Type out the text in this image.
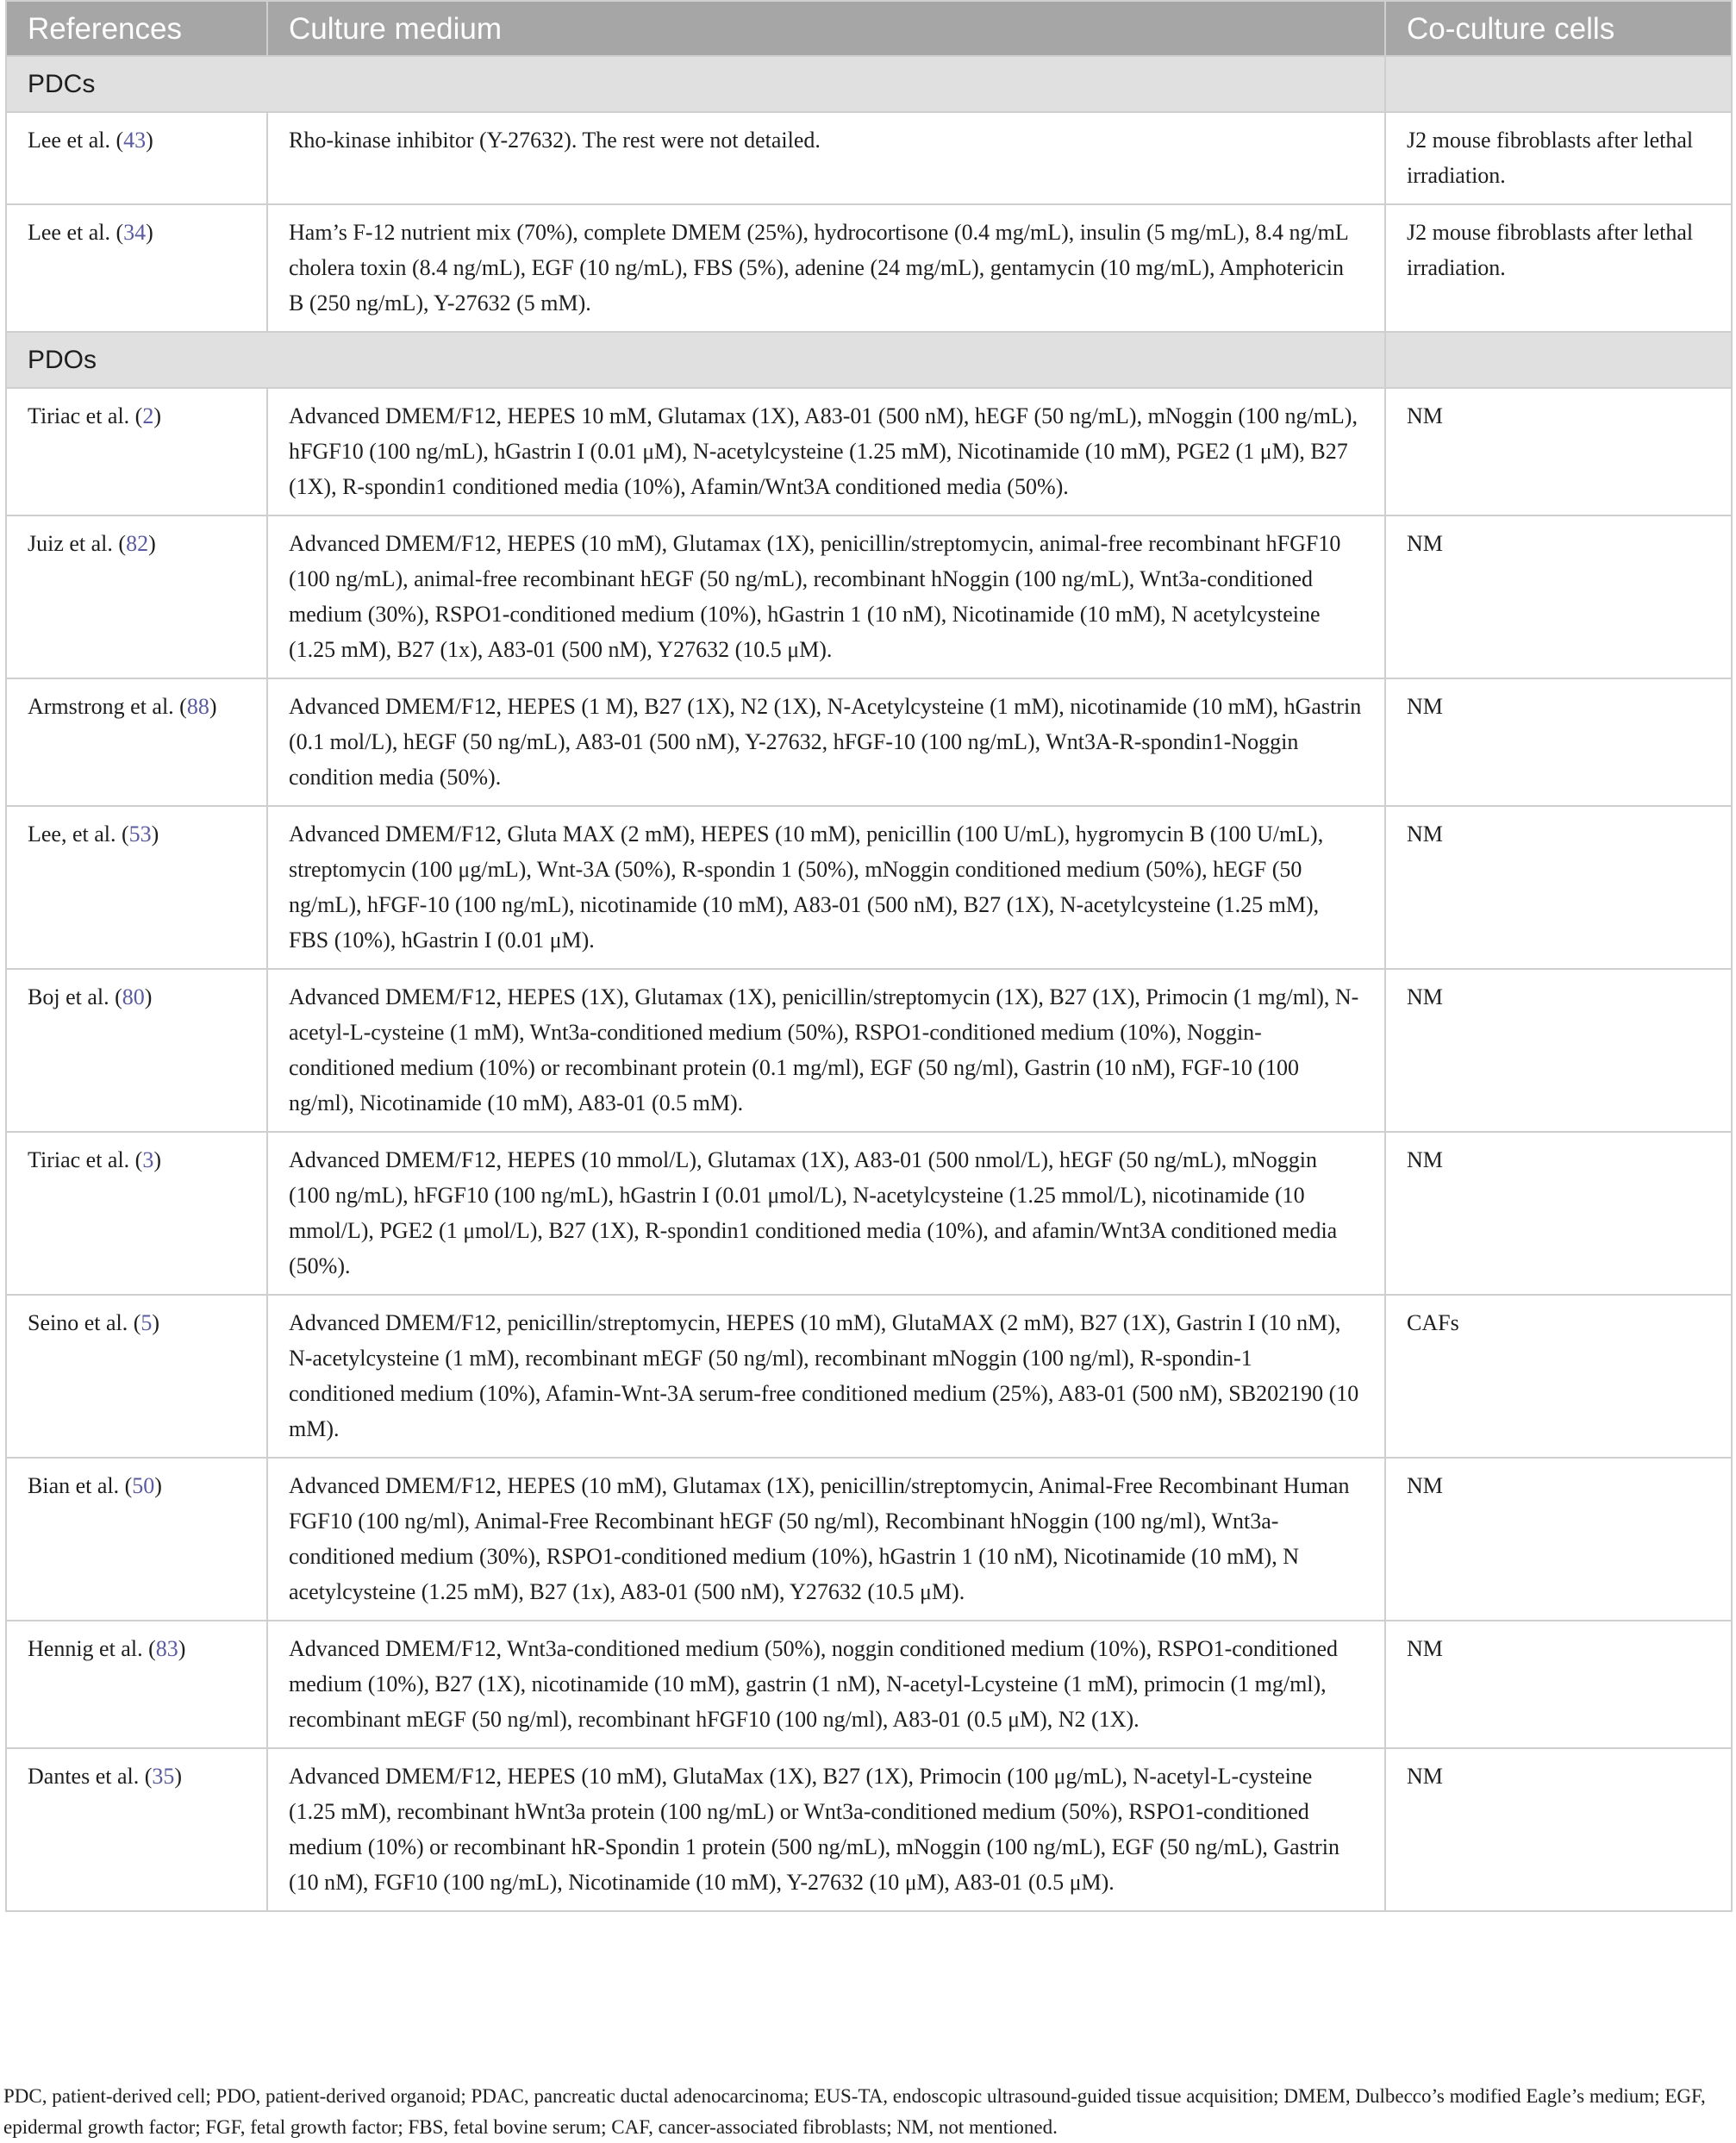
References	Culture medium	Co-culture cells
PDCs		
Lee et al. (43)	Rho-kinase inhibitor (Y-27632). The rest were not detailed.	J2 mouse fibroblasts after lethal irradiation.
Lee et al. (34)	Ham’s F-12 nutrient mix (70%), complete DMEM (25%), hydrocortisone (0.4 mg/mL), insulin (5 mg/mL), 8.4 ng/mL cholera toxin (8.4 ng/mL), EGF (10 ng/mL), FBS (5%), adenine (24 mg/mL), gentamycin (10 mg/mL), Amphotericin B (250 ng/mL), Y-27632 (5 mM).	J2 mouse fibroblasts after lethal irradiation.
PDOs		
Tiriac et al. (2)	Advanced DMEM/F12, HEPES 10 mM, Glutamax (1X), A83-01 (500 nM), hEGF (50 ng/mL), mNoggin (100 ng/mL), hFGF10 (100 ng/mL), hGastrin I (0.01 μM), N-acetylcysteine (1.25 mM), Nicotinamide (10 mM), PGE2 (1 μM), B27 (1X), R-spondin1 conditioned media (10%), Afamin/Wnt3A conditioned media (50%).	NM
Juiz et al. (82)	Advanced DMEM/F12, HEPES (10 mM), Glutamax (1X), penicillin/streptomycin, animal-free recombinant hFGF10 (100 ng/mL), animal-free recombinant hEGF (50 ng/mL), recombinant hNoggin (100 ng/mL), Wnt3a-conditioned medium (30%), RSPO1-conditioned medium (10%), hGastrin 1 (10 nM), Nicotinamide (10 mM), N acetylcysteine (1.25 mM), B27 (1x), A83-01 (500 nM), Y27632 (10.5 μM).	NM
Armstrong et al. (88)	Advanced DMEM/F12, HEPES (1 M), B27 (1X), N2 (1X), N-Acetylcysteine (1 mM), nicotinamide (10 mM), hGastrin (0.1 mol/L), hEGF (50 ng/mL), A83-01 (500 nM), Y-27632, hFGF-10 (100 ng/mL), Wnt3A-R-spondin1-Noggin condition media (50%).	NM
Lee, et al. (53)	Advanced DMEM/F12, Gluta MAX (2 mM), HEPES (10 mM), penicillin (100 U/mL), hygromycin B (100 U/mL), streptomycin (100 μg/mL), Wnt-3A (50%), R-spondin 1 (50%), mNoggin conditioned medium (50%), hEGF (50 ng/mL), hFGF-10 (100 ng/mL), nicotinamide (10 mM), A83-01 (500 nM), B27 (1X), N-acetylcysteine (1.25 mM), FBS (10%), hGastrin I (0.01 μM).	NM
Boj et al. (80)	Advanced DMEM/F12, HEPES (1X), Glutamax (1X), penicillin/streptomycin (1X), B27 (1X), Primocin (1 mg/ml), N-acetyl-L-cysteine (1 mM), Wnt3a-conditioned medium (50%), RSPO1-conditioned medium (10%), Noggin-conditioned medium (10%) or recombinant protein (0.1 mg/ml), EGF (50 ng/ml), Gastrin (10 nM), FGF-10 (100 ng/ml), Nicotinamide (10 mM), A83-01 (0.5 mM).	NM
Tiriac et al. (3)	Advanced DMEM/F12, HEPES (10 mmol/L), Glutamax (1X), A83-01 (500 nmol/L), hEGF (50 ng/mL), mNoggin (100 ng/mL), hFGF10 (100 ng/mL), hGastrin I (0.01 μmol/L), N-acetylcysteine (1.25 mmol/L), nicotinamide (10 mmol/L), PGE2 (1 μmol/L), B27 (1X), R-spondin1 conditioned media (10%), and afamin/Wnt3A conditioned media (50%).	NM
Seino et al. (5)	Advanced DMEM/F12, penicillin/streptomycin, HEPES (10 mM), GlutaMAX (2 mM), B27 (1X), Gastrin I (10 nM), N-acetylcysteine (1 mM), recombinant mEGF (50 ng/ml), recombinant mNoggin (100 ng/ml), R-spondin-1 conditioned medium (10%), Afamin-Wnt-3A serum-free conditioned medium (25%), A83-01 (500 nM), SB202190 (10 mM).	CAFs
Bian et al. (50)	Advanced DMEM/F12, HEPES (10 mM), Glutamax (1X), penicillin/streptomycin, Animal-Free Recombinant Human FGF10 (100 ng/ml), Animal-Free Recombinant hEGF (50 ng/ml), Recombinant hNoggin (100 ng/ml), Wnt3a-conditioned medium (30%), RSPO1-conditioned medium (10%), hGastrin 1 (10 nM), Nicotinamide (10 mM), N acetylcysteine (1.25 mM), B27 (1x), A83-01 (500 nM), Y27632 (10.5 μM).	NM
Hennig et al. (83)	Advanced DMEM/F12, Wnt3a-conditioned medium (50%), noggin conditioned medium (10%), RSPO1-conditioned medium (10%), B27 (1X), nicotinamide (10 mM), gastrin (1 nM), N-acetyl-Lcysteine (1 mM), primocin (1 mg/ml), recombinant mEGF (50 ng/ml), recombinant hFGF10 (100 ng/ml), A83-01 (0.5 μM), N2 (1X).	NM
Dantes et al. (35)	Advanced DMEM/F12, HEPES (10 mM), GlutaMax (1X), B27 (1X), Primocin (100 μg/mL), N-acetyl-L-cysteine (1.25 mM), recombinant hWnt3a protein (100 ng/mL) or Wnt3a-conditioned medium (50%), RSPO1-conditioned medium (10%) or recombinant hR-Spondin 1 protein (500 ng/mL), mNoggin (100 ng/mL), EGF (50 ng/mL), Gastrin (10 nM), FGF10 (100 ng/mL), Nicotinamide (10 mM), Y-27632 (10 μM), A83-01 (0.5 μM).	NM
PDC, patient-derived cell; PDO, patient-derived organoid; PDAC, pancreatic ductal adenocarcinoma; EUS-TA, endoscopic ultrasound-guided tissue acquisition; DMEM, Dulbecco’s modified Eagle’s medium; EGF, epidermal growth factor; FGF, fetal growth factor; FBS, fetal bovine serum; CAF, cancer-associated fibroblasts; NM, not mentioned.
